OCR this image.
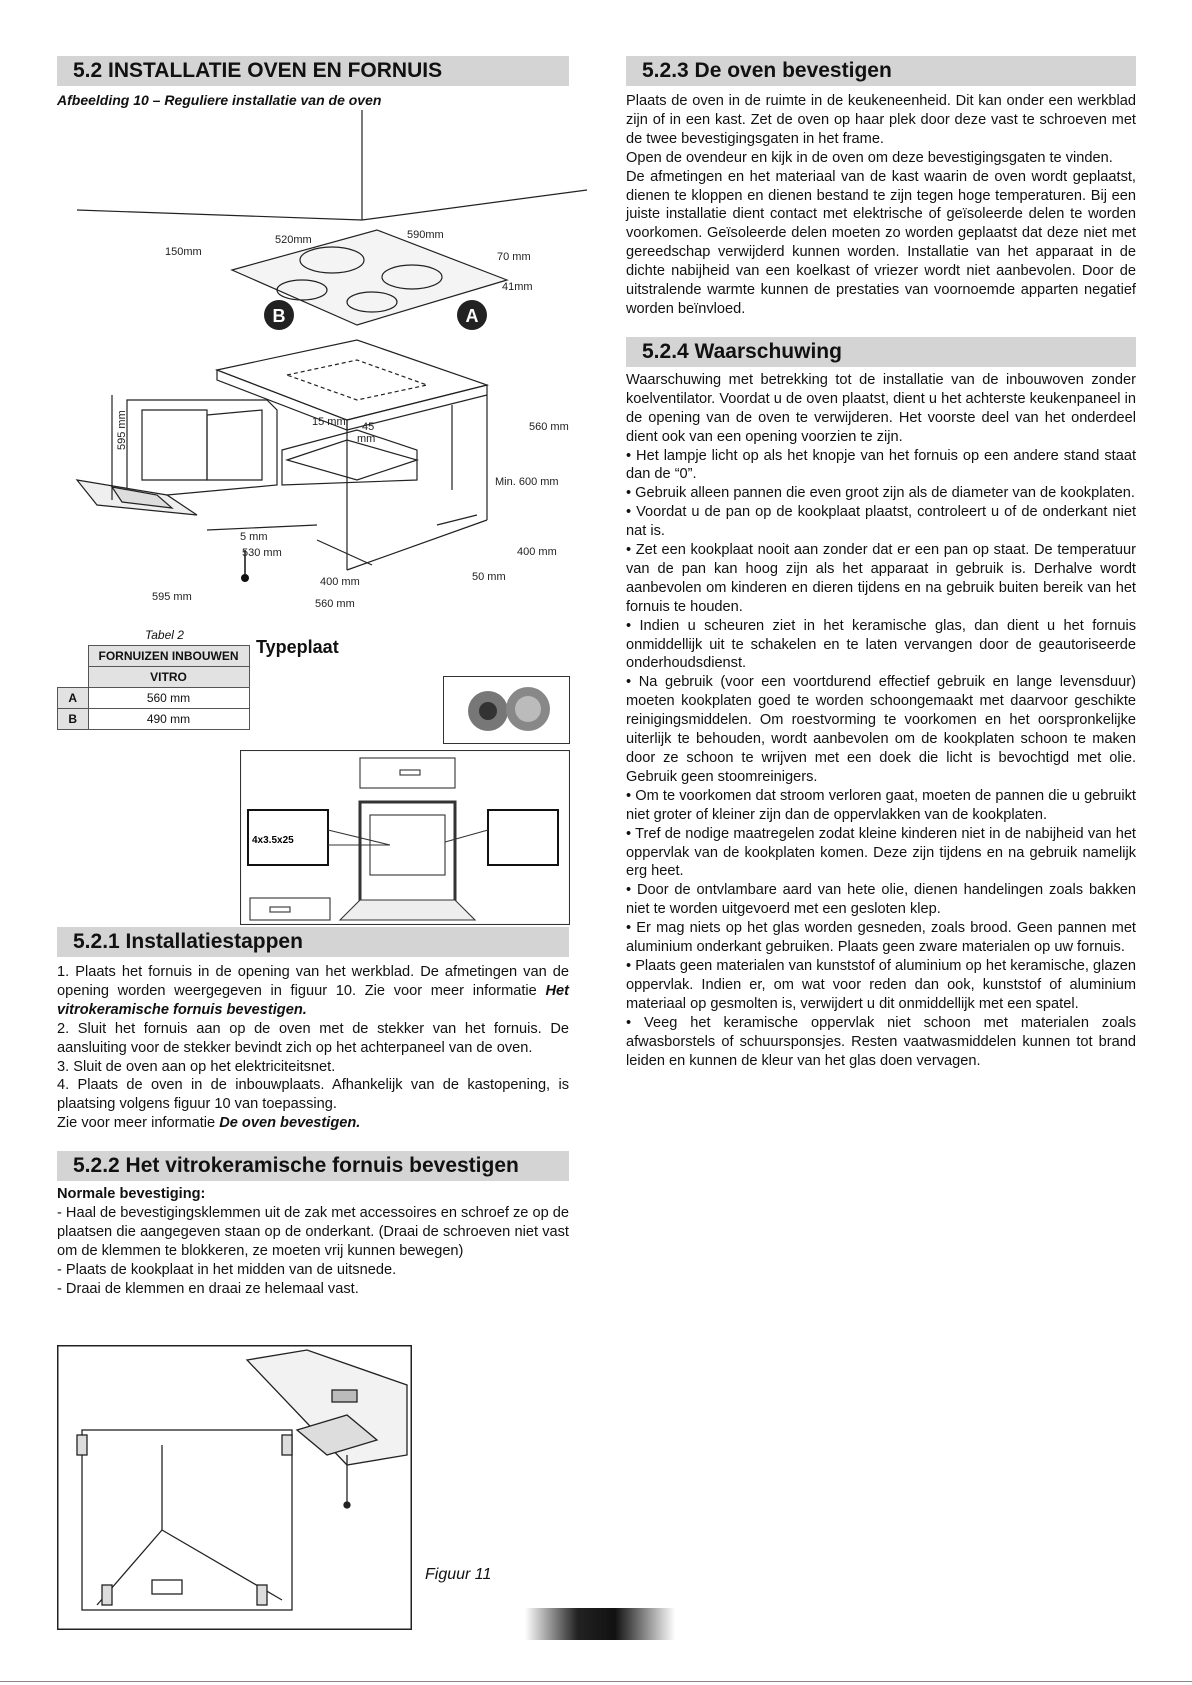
5.2 INSTALLATIE OVEN EN FORNUIS
Afbeelding 10 – Reguliere installatie van de oven
B	A
150mm
520mm	590mm
70 mm
41mm
15 mm 45
mm
560 mm
Min. 600 mm
595 mm
5 mm
530 mm	400 mm
595 mm
400 mm	50 mm
560 mm
Tabel 2
	FORNUIZEN INBOUWEN
	VITRO
A	560 mm
B	490 mm
Typeplaat
4x3.5x25
5.2.1 Installatiestappen

1. Plaats het fornuis in de opening van het werkblad. De afmetingen van de opening worden weergegeven in figuur 10. Zie voor meer informatie Het vitrokeramische fornuis bevestigen.

2. Sluit het fornuis aan op de oven met de stekker van het fornuis. De aansluiting voor de stekker bevindt zich op het achterpaneel van de oven.

3. Sluit de oven aan op het elektriciteitsnet.

4. Plaats de oven in de inbouwplaats. Afhankelijk van de kastopening, is plaatsing volgens figuur 10 van toepassing.

Zie voor meer informatie De oven bevestigen.

5.2.2 Het vitrokeramische fornuis bevestigen

Normale bevestiging:

- Haal de bevestigingsklemmen uit de zak met accessoires en schroef ze op de plaatsen die aangegeven staan op de onderkant. (Draai de schroeven niet vast om de klemmen te blokkeren, ze moeten vrij kunnen bewegen)

- Plaats de kookplaat in het midden van de uitsnede.

- Draai de klemmen en draai ze helemaal vast.

Figuur 11
5.2.3 De oven bevestigen

Plaats de oven in de ruimte in de keukeneenheid. Dit kan onder een werkblad zijn of in een kast. Zet de oven op haar plek door deze vast te schroeven met de twee bevestigingsgaten in het frame.

Open de ovendeur en kijk in de oven om deze bevestigingsgaten te vinden.

De afmetingen en het materiaal van de kast waarin de oven wordt geplaatst, dienen te kloppen en dienen bestand te zijn tegen hoge temperaturen. Bij een juiste installatie dient contact met elektrische of geïsoleerde delen te worden voorkomen. Geïsoleerde delen moeten zo worden geplaatst dat deze niet met gereedschap verwijderd kunnen worden. Installatie van het apparaat in de dichte nabijheid van een koelkast of vriezer wordt niet aanbevolen. Door de uitstralende warmte kunnen de prestaties van voornoemde apparten negatief worden beïnvloed.

5.2.4 Waarschuwing

Waarschuwing met betrekking tot de installatie van de inbouwoven zonder koelventilator. Voordat u de oven plaatst, dient u het achterste keukenpaneel in de opening van de oven te verwijderen. Het voorste deel van het onderdeel dient ook van een opening voorzien te zijn.

• Het lampje licht op als het knopje van het fornuis op een andere stand staat dan de “0”.

• Gebruik alleen pannen die even groot zijn als de diameter van de kookplaten.

• Voordat u de pan op de kookplaat plaatst, controleert u of de onderkant niet nat is.

• Zet een kookplaat nooit aan zonder dat er een pan op staat. De temperatuur van de pan kan hoog zijn als het apparaat in gebruik is. Derhalve wordt aanbevolen om kinderen en dieren tijdens en na gebruik buiten bereik van het fornuis te houden.

• Indien u scheuren ziet in het keramische glas, dan dient u het fornuis onmiddellijk uit te schakelen en te laten vervangen door de geautoriseerde onderhoudsdienst.

• Na gebruik (voor een voortdurend effectief gebruik en lange levensduur) moeten kookplaten goed te worden schoongemaakt met daarvoor geschikte reinigingsmiddelen. Om roestvorming te voorkomen en het oorspronkelijke uiterlijk te behouden, wordt aanbevolen om de kookplaten schoon te maken door ze schoon te wrijven met een doek die licht is bevochtigd met olie. Gebruik geen stoomreinigers.

• Om te voorkomen dat stroom verloren gaat, moeten de pannen die u gebruikt niet groter of kleiner zijn dan de oppervlakken van de kookplaten.

• Tref de nodige maatregelen zodat kleine kinderen niet in de nabijheid van het oppervlak van de kookplaten komen. Deze zijn tijdens en na gebruik namelijk erg heet.

• Door de ontvlambare aard van hete olie, dienen handelingen zoals bakken niet te worden uitgevoerd met een gesloten klep.

• Er mag niets op het glas worden gesneden, zoals brood. Geen pannen met aluminium onderkant gebruiken. Plaats geen zware materialen op uw fornuis.

• Plaats geen materialen van kunststof of aluminium op het keramische, glazen oppervlak. Indien er, om wat voor reden dan ook, kunststof of aluminium materiaal op gesmolten is, verwijdert u dit onmiddellijk met een spatel.

• Veeg het keramische oppervlak niet schoon met materialen zoals afwasborstels of schuursponsjes. Resten vaatwasmiddelen kunnen tot brand leiden en kunnen de kleur van het glas doen vervagen.
